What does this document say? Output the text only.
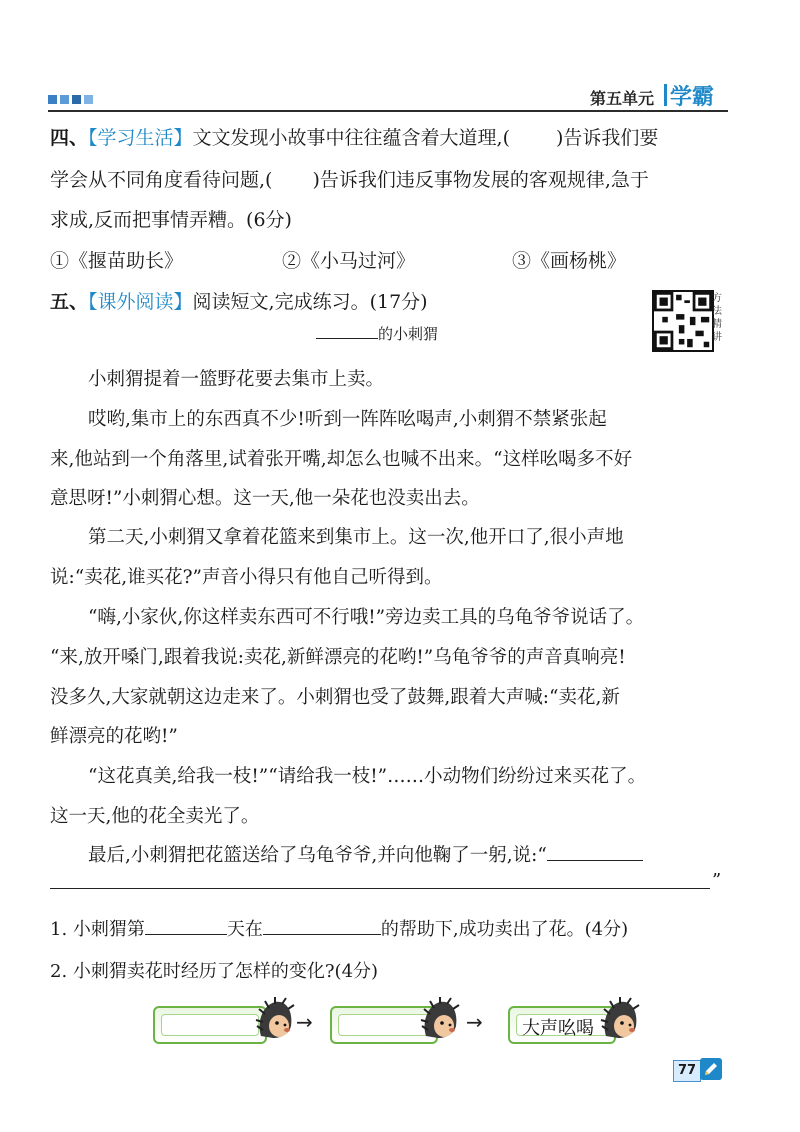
第五单元 学霸
四、【学习生活】文文发现小故事中往往蕴含着大道理,( )告诉我们要
学会从不同角度看待问题,( )告诉我们违反事物发展的客观规律,急于
求成,反而把事情弄糟。(6分)
①《揠苗助长》	②《小马过河》	③《画杨桃》
五、【课外阅读】阅读短文,完成练习。(17分)	方法精讲
的小刺猬
小刺猬提着一篮野花要去集市上卖。
哎哟,集市上的东西真不少!听到一阵阵吆喝声,小刺猬不禁紧张起
来,他站到一个角落里,试着张开嘴,却怎么也喊不出来。“这样吆喝多不好
意思呀!”小刺猬心想。这一天,他一朵花也没卖出去。
第二天,小刺猬又拿着花篮来到集市上。这一次,他开口了,很小声地
说:“卖花,谁买花?”声音小得只有他自己听得到。
“嗨,小家伙,你这样卖东西可不行哦!”旁边卖工具的乌龟爷爷说话了。
“来,放开嗓门,跟着我说:卖花,新鲜漂亮的花哟!”乌龟爷爷的声音真响亮!
没多久,大家就朝这边走来了。小刺猬也受了鼓舞,跟着大声喊:“卖花,新
鲜漂亮的花哟!”
“这花真美,给我一枝!”“请给我一枝!”……小动物们纷纷过来买花了。
这一天,他的花全卖光了。
最后,小刺猬把花篮送给了乌龟爷爷,并向他鞠了一躬,说:“
”
1. 小刺猬第	天在	的帮助下,成功卖出了花。(4分)
2. 小刺猬卖花时经历了怎样的变化?(4分)
→	→ 大声吆喝
77
